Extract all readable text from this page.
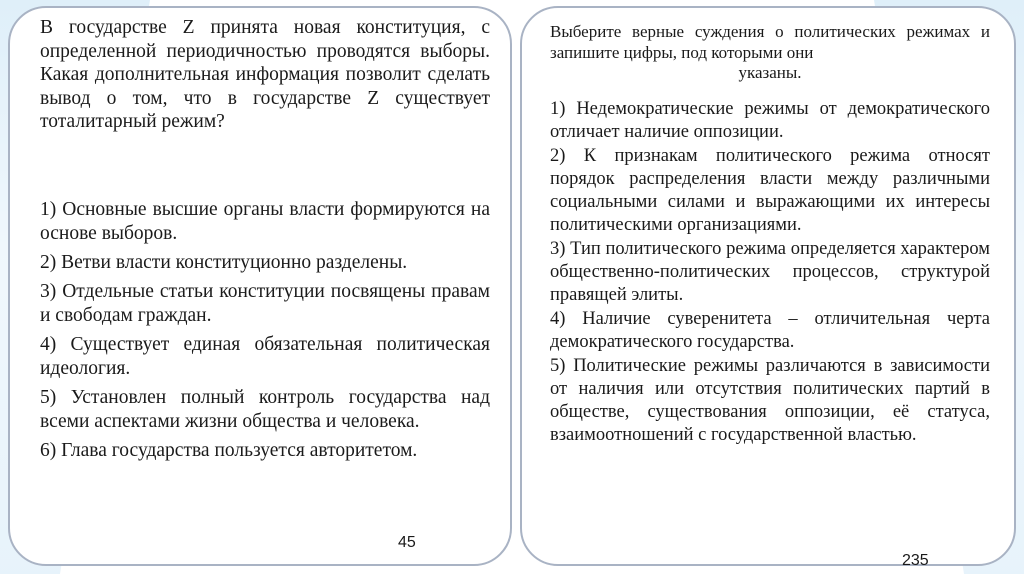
В государстве Z принята новая конституция, с определенной периодичностью проводятся выборы. Какая дополнительная информация позволит сделать вывод о том, что в государстве Z существует тоталитарный режим?

1) Основные высшие органы власти формируются на основе выборов.

2) Ветви власти конституционно разделены.

3) Отдельные статьи конституции посвящены правам и свободам граждан.

4) Существует единая обязательная политическая идеология.

5) Установлен полный контроль государства над всеми аспектами жизни общества и человека.

6) Глава государства пользуется авторитетом.

45
Выберите верные суждения о политических режимах и запишите цифры, под которыми они
указаны.

1) Недемократические режимы от демократического отличает наличие оппозиции.

2) К признакам политического режима относят порядок распределения власти между различными социальными силами и выражающими их интересы политическими организациями.

3) Тип политического режима определяется характером общественно-политических процессов, структурой правящей элиты.

4) Наличие суверенитета – отличительная черта демократического государства.

5) Политические режимы различаются в зависимости от наличия или отсутствия политических партий в обществе, существования оппозиции, её статуса, взаимоотношений с государственной властью.

235
